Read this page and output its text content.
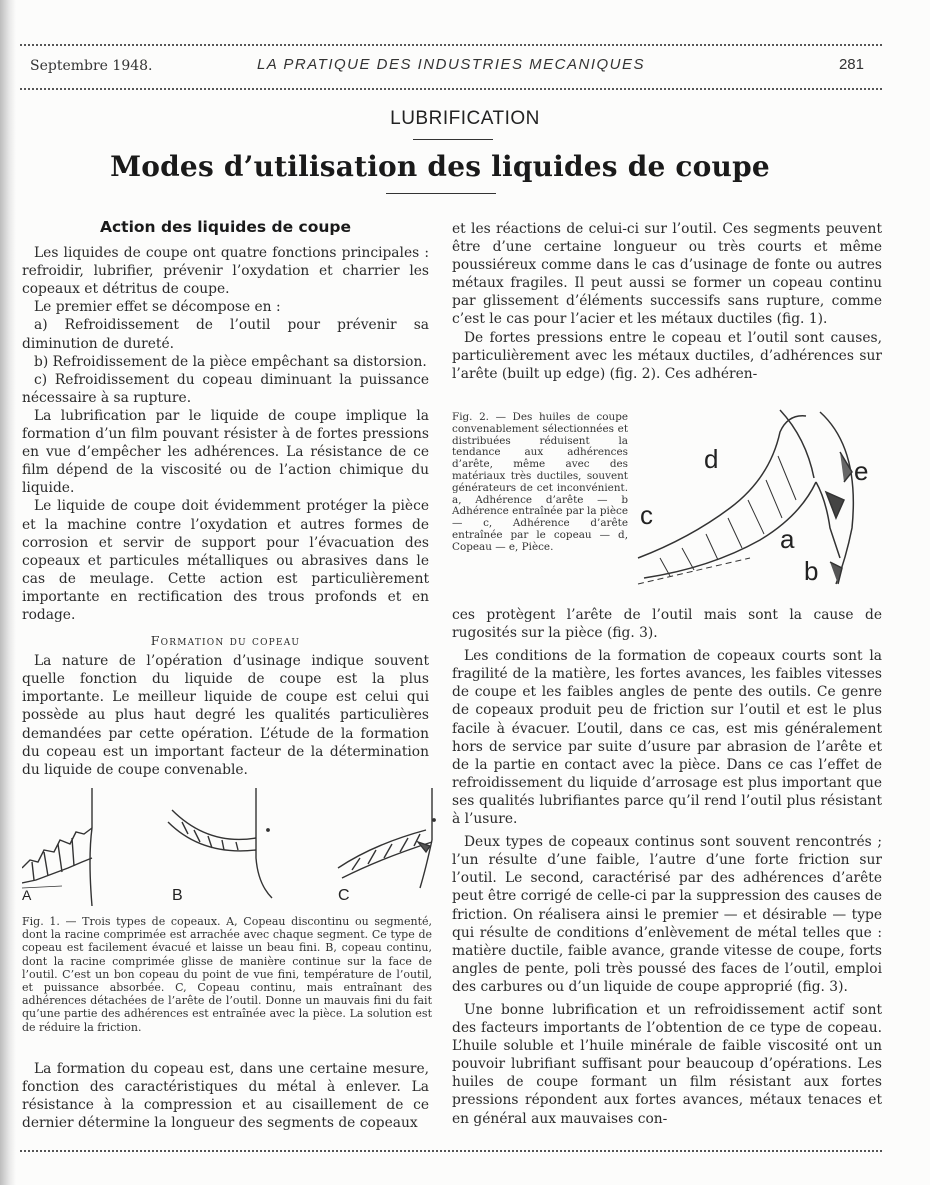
Septembre 1948.	LA PRATIQUE DES INDUSTRIES MECANIQUES	281
LUBRIFICATION
Modes d’utilisation des liquides de coupe
Action des liquides de coupe

Les liquides de coupe ont quatre fonctions principales : refroidir, lubrifier, prévenir l’oxydation et charrier les copeaux et détritus de coupe.

Le premier effet se décompose en :

a) Refroidissement de l’outil pour prévenir sa diminution de dureté.

b) Refroidissement de la pièce empêchant sa distorsion.

c) Refroidissement du copeau diminuant la puissance nécessaire à sa rupture.

La lubrification par le liquide de coupe implique la formation d’un film pouvant résister à de fortes pressions en vue d’empêcher les adhérences. La résistance de ce film dépend de la viscosité ou de l’action chimique du liquide.

Le liquide de coupe doit évidemment protéger la pièce et la machine contre l’oxydation et autres formes de corrosion et servir de support pour l’évacuation des copeaux et particules métalliques ou abrasives dans le cas de meulage. Cette action est particulièrement importante en rectification des trous profonds et en rodage.

Formation du copeau

La nature de l’opération d’usinage indique souvent quelle fonction du liquide de coupe est la plus importante. Le meilleur liquide de coupe est celui qui possède au plus haut degré les qualités particulières demandées par cette opération. L’étude de la formation du copeau est un important facteur de la détermination du liquide de coupe convenable.

A	B	C
Fig. 1. — Trois types de copeaux. A, Copeau discontinu ou segmenté, dont la racine comprimée est arrachée avec chaque segment. Ce type de copeau est facilement évacué et laisse un beau fini. B, copeau continu, dont la racine comprimée glisse de manière continue sur la face de l’outil. C’est un bon copeau du point de vue fini, température de l’outil, et puissance absorbée. C, Copeau continu, mais entraînant des adhérences détachées de l’arête de l’outil. Donne un mauvais fini du fait qu’une partie des adhérences est entraînée avec la pièce. La solution est de réduire la friction.

La formation du copeau est, dans une certaine mesure, fonction des caractéristiques du métal à enlever. La résistance à la compression et au cisaillement de ce dernier détermine la longueur des segments de copeaux

et les réactions de celui-ci sur l’outil. Ces segments peuvent être d’une certaine longueur ou très courts et même poussiéreux comme dans le cas d’usinage de fonte ou autres métaux fragiles. Il peut aussi se former un copeau continu par glissement d’éléments successifs sans rupture, comme c’est le cas pour l’acier et les métaux ductiles (fig. 1).

De fortes pressions entre le copeau et l’outil sont causes, particulièrement avec les métaux ductiles, d’adhérences sur l’arête (built up edge) (fig. 2). Ces adhéren-

Fig. 2. — Des huiles de coupe convenablement sélectionnées et distribuées réduisent la tendance aux adhérences d’arête, même avec des matériaux très ductiles, souvent générateurs de cet inconvénient. a, Adhérence d’arête — b Adhérence entraînée par la pièce — c, Adhérence d’arête entraînée par le copeau — d, Copeau — e, Pièce.
d	e
c
a
b

ces protègent l’arête de l’outil mais sont la cause de rugosités sur la pièce (fig. 3).

Les conditions de la formation de copeaux courts sont la fragilité de la matière, les fortes avances, les faibles vitesses de coupe et les faibles angles de pente des outils. Ce genre de copeaux produit peu de friction sur l’outil et est le plus facile à évacuer. L’outil, dans ce cas, est mis généralement hors de service par suite d’usure par abrasion de l’arête et de la partie en contact avec la pièce. Dans ce cas l’effet de refroidissement du liquide d’arrosage est plus important que ses qualités lubrifiantes parce qu’il rend l’outil plus résistant à l’usure.

Deux types de copeaux continus sont souvent rencontrés ; l’un résulte d’une faible, l’autre d’une forte friction sur l’outil. Le second, caractérisé par des adhérences d’arête peut être corrigé de celle-ci par la suppression des causes de friction. On réalisera ainsi le premier — et désirable — type qui résulte de conditions d’enlèvement de métal telles que : matière ductile, faible avance, grande vitesse de coupe, forts angles de pente, poli très poussé des faces de l’outil, emploi des carbures ou d’un liquide de coupe approprié (fig. 3).

Une bonne lubrification et un refroidissement actif sont des facteurs importants de l’obtention de ce type de copeau. L’huile soluble et l’huile minérale de faible viscosité ont un pouvoir lubrifiant suffisant pour beaucoup d’opérations. Les huiles de coupe formant un film résistant aux fortes pressions répondent aux fortes avances, métaux tenaces et en général aux mauvaises con-
